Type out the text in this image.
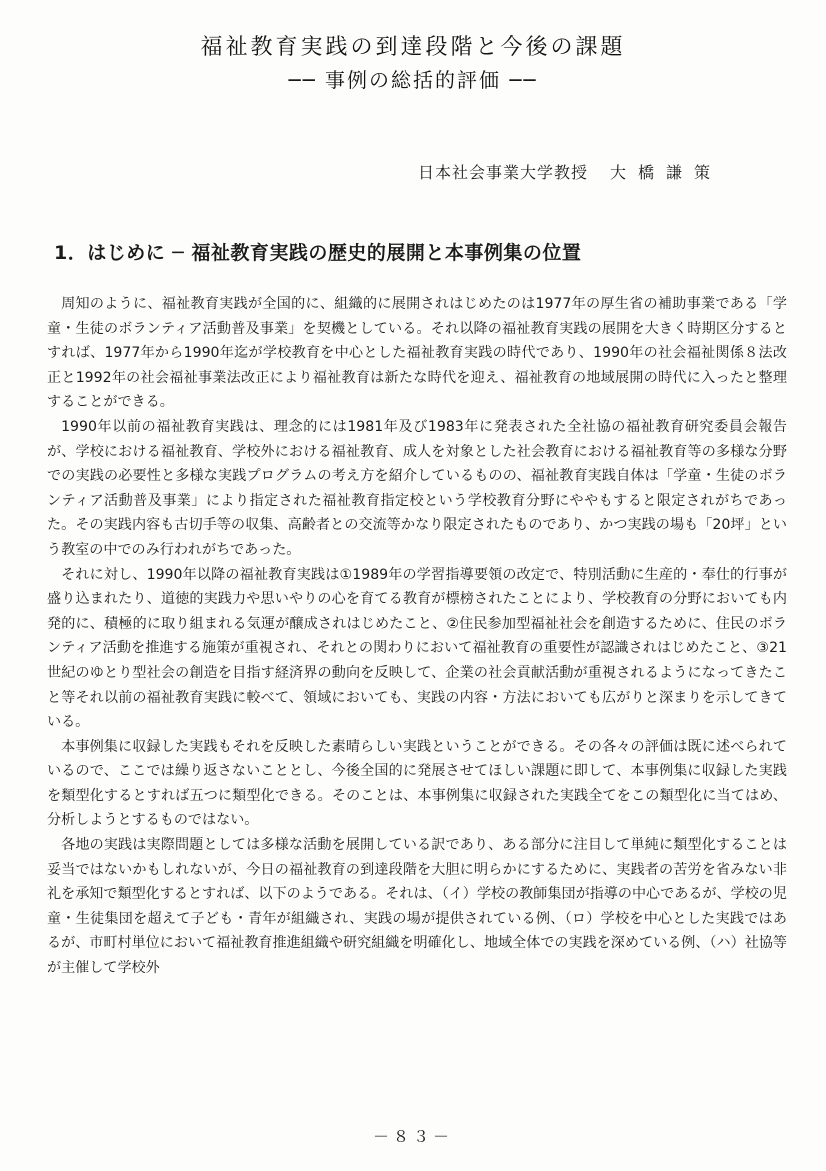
福祉教育実践の到達段階と今後の課題
── 事例の総括的評価 ──
日本社会事業大学教授 大橋謙策
1．はじめに ─ 福祉教育実践の歴史的展開と本事例集の位置

周知のように、福祉教育実践が全国的に、組織的に展開されはじめたのは1977年の厚生省の補助事業である「学童・生徒のボランティア活動普及事業」を契機としている。それ以降の福祉教育実践の展開を大きく時期区分するとすれば、1977年から1990年迄が学校教育を中心とした福祉教育実践の時代であり、1990年の社会福祉関係８法改正と1992年の社会福祉事業法改正により福祉教育は新たな時代を迎え、福祉教育の地域展開の時代に入ったと整理することができる。

1990年以前の福祉教育実践は、理念的には1981年及び1983年に発表された全社協の福祉教育研究委員会報告が、学校における福祉教育、学校外における福祉教育、成人を対象とした社会教育における福祉教育等の多様な分野での実践の必要性と多様な実践プログラムの考え方を紹介しているものの、福祉教育実践自体は「学童・生徒のボランティア活動普及事業」により指定された福祉教育指定校という学校教育分野にややもすると限定されがちであった。その実践内容も古切手等の収集、高齢者との交流等かなり限定されたものであり、かつ実践の場も「20坪」という教室の中でのみ行われがちであった。

それに対し、1990年以降の福祉教育実践は①1989年の学習指導要領の改定で、特別活動に生産的・奉仕的行事が盛り込まれたり、道徳的実践力や思いやりの心を育てる教育が標榜されたことにより、学校教育の分野においても内発的に、積極的に取り組まれる気運が醸成されはじめたこと、②住民参加型福祉社会を創造するために、住民のボランティア活動を推進する施策が重視され、それとの関わりにおいて福祉教育の重要性が認識されはじめたこと、③21世紀のゆとり型社会の創造を目指す経済界の動向を反映して、企業の社会貢献活動が重視されるようになってきたこと等それ以前の福祉教育実践に較べて、領域においても、実践の内容・方法においても広がりと深まりを示してきている。

本事例集に収録した実践もそれを反映した素晴らしい実践ということができる。その各々の評価は既に述べられているので、ここでは繰り返さないこととし、今後全国的に発展させてほしい課題に即して、本事例集に収録した実践を類型化するとすれば五つに類型化できる。そのことは、本事例集に収録された実践全てをこの類型化に当てはめ、分析しようとするものではない。

各地の実践は実際問題としては多様な活動を展開している訳であり、ある部分に注目して単純に類型化することは妥当ではないかもしれないが、今日の福祉教育の到達段階を大胆に明らかにするために、実践者の苦労を省みない非礼を承知で類型化するとすれば、以下のようである。それは、（イ）学校の教師集団が指導の中心であるが、学校の児童・生徒集団を超えて子ども・青年が組織され、実践の場が提供されている例、（ロ）学校を中心とした実践ではあるが、市町村単位において福祉教育推進組織や研究組織を明確化し、地域全体での実践を深めている例、（ハ）社協等が主催して学校外

－８３－
